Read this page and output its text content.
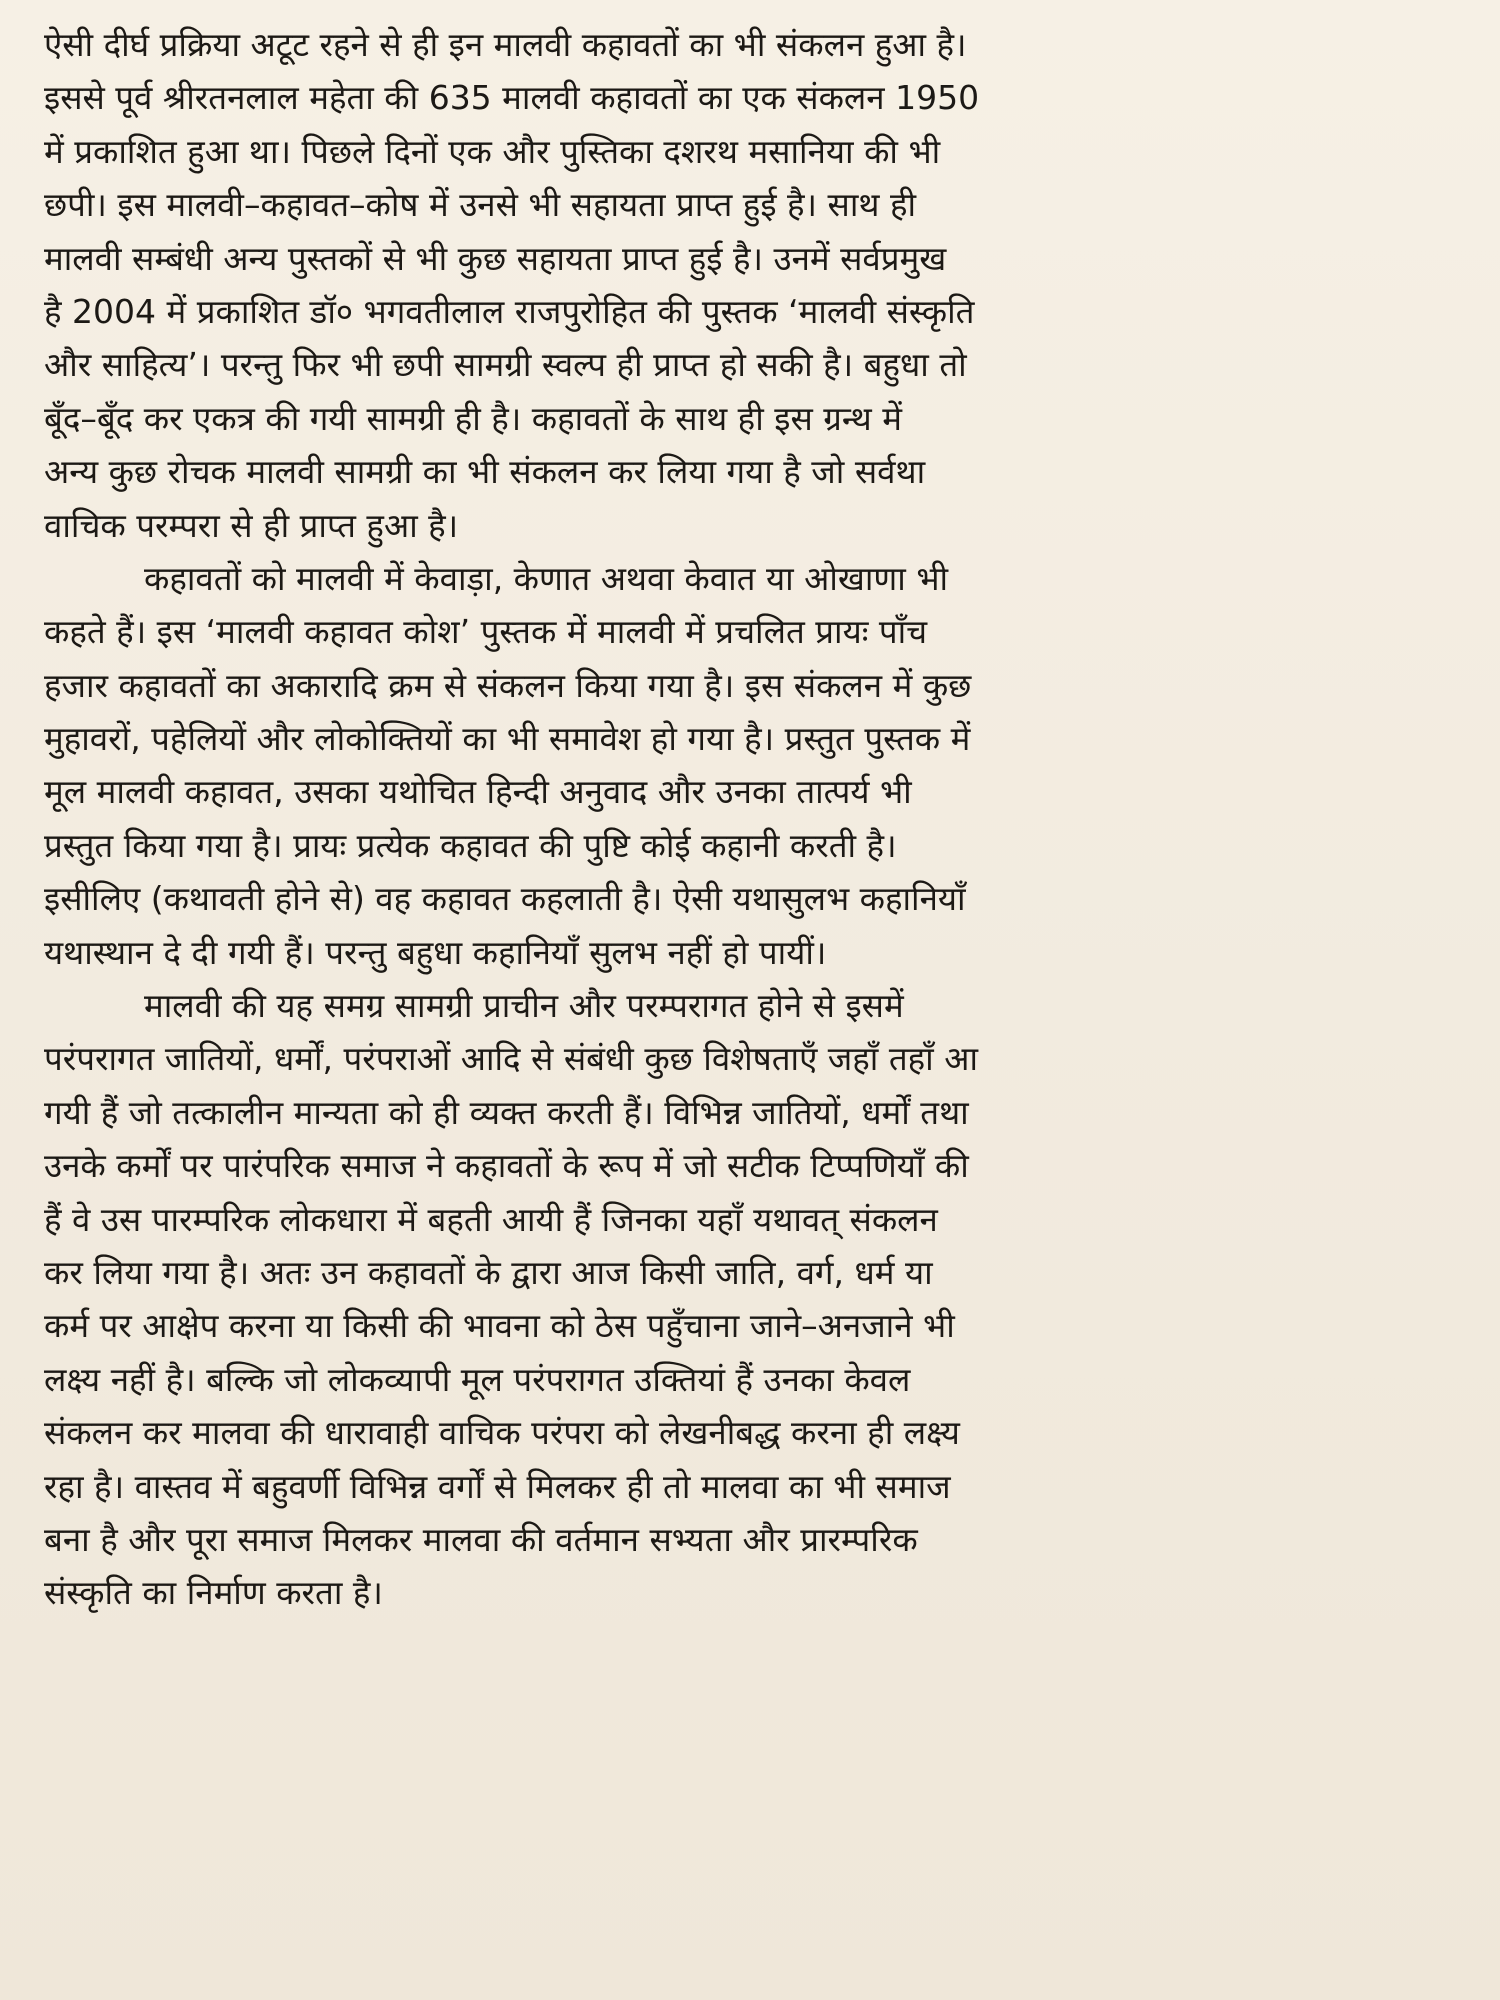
ऐसी दीर्घ प्रक्रिया अटूट रहने से ही इन मालवी कहावतों का भी संकलन हुआ है।
इससे पूर्व श्रीरतनलाल महेता की 635 मालवी कहावतों का एक संकलन 1950
में प्रकाशित हुआ था। पिछले दिनों एक और पुस्तिका दशरथ मसानिया की भी
छपी। इस मालवी–कहावत–कोष में उनसे भी सहायता प्राप्त हुई है। साथ ही
मालवी सम्बंधी अन्य पुस्तकों से भी कुछ सहायता प्राप्त हुई है। उनमें सर्वप्रमुख
है 2004 में प्रकाशित डॉ० भगवतीलाल राजपुरोहित की पुस्तक ‘मालवी संस्कृति
और साहित्य’। परन्तु फिर भी छपी सामग्री स्वल्प ही प्राप्त हो सकी है। बहुधा तो
बूँद–बूँद कर एकत्र की गयी सामग्री ही है। कहावतों के साथ ही इस ग्रन्थ में
अन्य कुछ रोचक मालवी सामग्री का भी संकलन कर लिया गया है जो सर्वथा
वाचिक परम्परा से ही प्राप्त हुआ है।
कहावतों को मालवी में केवाड़ा, केणात अथवा केवात या ओखाणा भी
कहते हैं। इस ‘मालवी कहावत कोश’ पुस्तक में मालवी में प्रचलित प्रायः पाँच
हजार कहावतों का अकारादि क्रम से संकलन किया गया है। इस संकलन में कुछ
मुहावरों, पहेलियों और लोकोक्तियों का भी समावेश हो गया है। प्रस्तुत पुस्तक में
मूल मालवी कहावत, उसका यथोचित हिन्दी अनुवाद और उनका तात्पर्य भी
प्रस्तुत किया गया है। प्रायः प्रत्येक कहावत की पुष्टि कोई कहानी करती है।
इसीलिए (कथावती होने से) वह कहावत कहलाती है। ऐसी यथासुलभ कहानियाँ
यथास्थान दे दी गयी हैं। परन्तु बहुधा कहानियाँ सुलभ नहीं हो पायीं।
मालवी की यह समग्र सामग्री प्राचीन और परम्परागत होने से इसमें
परंपरागत जातियों, धर्मों, परंपराओं आदि से संबंधी कुछ विशेषताएँ जहाँ तहाँ आ
गयी हैं जो तत्कालीन मान्यता को ही व्यक्त करती हैं। विभिन्न जातियों, धर्मों तथा
उनके कर्मों पर पारंपरिक समाज ने कहावतों के रूप में जो सटीक टिप्पणियाँ की
हैं वे उस पारम्परिक लोकधारा में बहती आयी हैं जिनका यहाँ यथावत् संकलन
कर लिया गया है। अतः उन कहावतों के द्वारा आज किसी जाति, वर्ग, धर्म या
कर्म पर आक्षेप करना या किसी की भावना को ठेस पहुँचाना जाने–अनजाने भी
लक्ष्य नहीं है। बल्कि जो लोकव्यापी मूल परंपरागत उक्तियां हैं उनका केवल
संकलन कर मालवा की धारावाही वाचिक परंपरा को लेखनीबद्ध करना ही लक्ष्य
रहा है। वास्तव में बहुवर्णी विभिन्न वर्गों से मिलकर ही तो मालवा का भी समाज
बना है और पूरा समाज मिलकर मालवा की वर्तमान सभ्यता और प्रारम्परिक
संस्कृति का निर्माण करता है।
